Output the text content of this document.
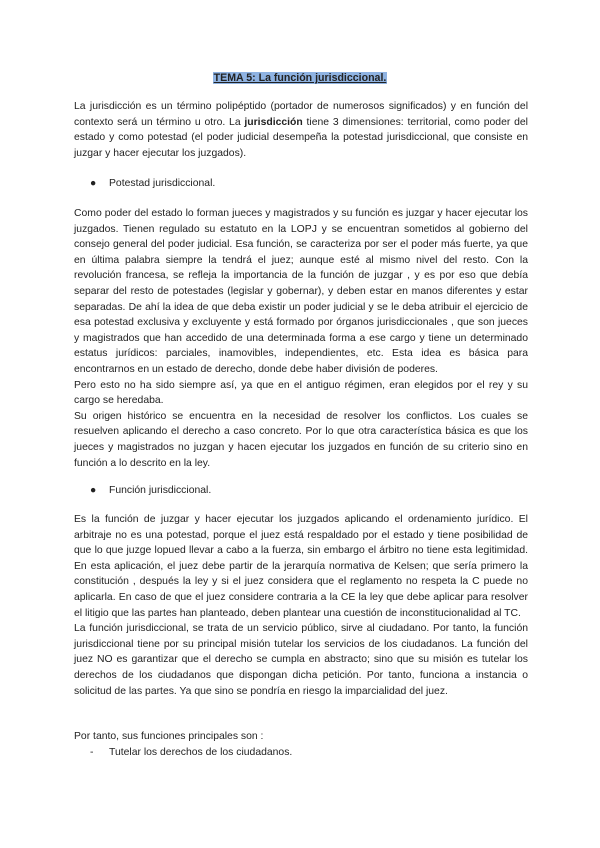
TEMA 5: La función jurisdiccional.

La jurisdicción es un término polipéptido (portador de numerosos significados) y en función del contexto será un término u otro. La jurisdicción tiene 3 dimensiones: territorial, como poder del estado y como potestad (el poder judicial desempeña la potestad jurisdiccional, que consiste en juzgar y hacer ejecutar los juzgados).

● Potestad jurisdiccional.

Como poder del estado lo forman jueces y magistrados y su función es juzgar y hacer ejecutar los juzgados. Tienen regulado su estatuto en la LOPJ y se encuentran sometidos al gobierno del consejo general del poder judicial. Esa función, se caracteriza por ser el poder más fuerte, ya que en última palabra siempre la tendrá el juez; aunque esté al mismo nivel del resto. Con la revolución francesa, se refleja la importancia de la función de juzgar , y es por eso que debía separar del resto de potestades (legislar y gobernar), y deben estar en manos diferentes y estar separadas. De ahí la idea de que deba existir un poder judicial y se le deba atribuir el ejercicio de esa potestad exclusiva y excluyente y está formado por órganos jurisdiccionales , que son jueces y magistrados que han accedido de una determinada forma a ese cargo y tiene un determinado estatus jurídicos: parciales, inamovibles, independientes, etc. Esta idea es básica para encontrarnos en un estado de derecho, donde debe haber división de poderes.

Pero esto no ha sido siempre así, ya que en el antiguo régimen, eran elegidos por el rey y su cargo se heredaba.

Su origen histórico se encuentra en la necesidad de resolver los conflictos. Los cuales se resuelven aplicando el derecho a caso concreto. Por lo que otra característica básica es que los jueces y magistrados no juzgan y hacen ejecutar los juzgados en función de su criterio sino en función a lo descrito en la ley.

● Función jurisdiccional.

Es la función de juzgar y hacer ejecutar los juzgados aplicando el ordenamiento jurídico. El arbitraje no es una potestad, porque el juez está respaldado por el estado y tiene posibilidad de que lo que juzge lopued llevar a cabo a la fuerza, sin embargo el árbitro no tiene esta legitimidad. En esta aplicación, el juez debe partir de la jerarquía normativa de Kelsen; que sería primero la constitución , después la ley y si el juez considera que el reglamento no respeta la C puede no aplicarla. En caso de que el juez considere contraria a la CE la ley que debe aplicar para resolver el litigio que las partes han planteado, deben plantear una cuestión de inconstitucionalidad al TC.

La función jurisdiccional, se trata de un servicio público, sirve al ciudadano. Por tanto, la función jurisdiccional tiene por su principal misión tutelar los servicios de los ciudadanos. La función del juez NO es garantizar que el derecho se cumpla en abstracto; sino que su misión es tutelar los derechos de los ciudadanos que dispongan dicha petición. Por tanto, funciona a instancia o solicitud de las partes. Ya que sino se pondría en riesgo la imparcialidad del juez.

Por tanto, sus funciones principales son :

- Tutelar los derechos de los ciudadanos.
